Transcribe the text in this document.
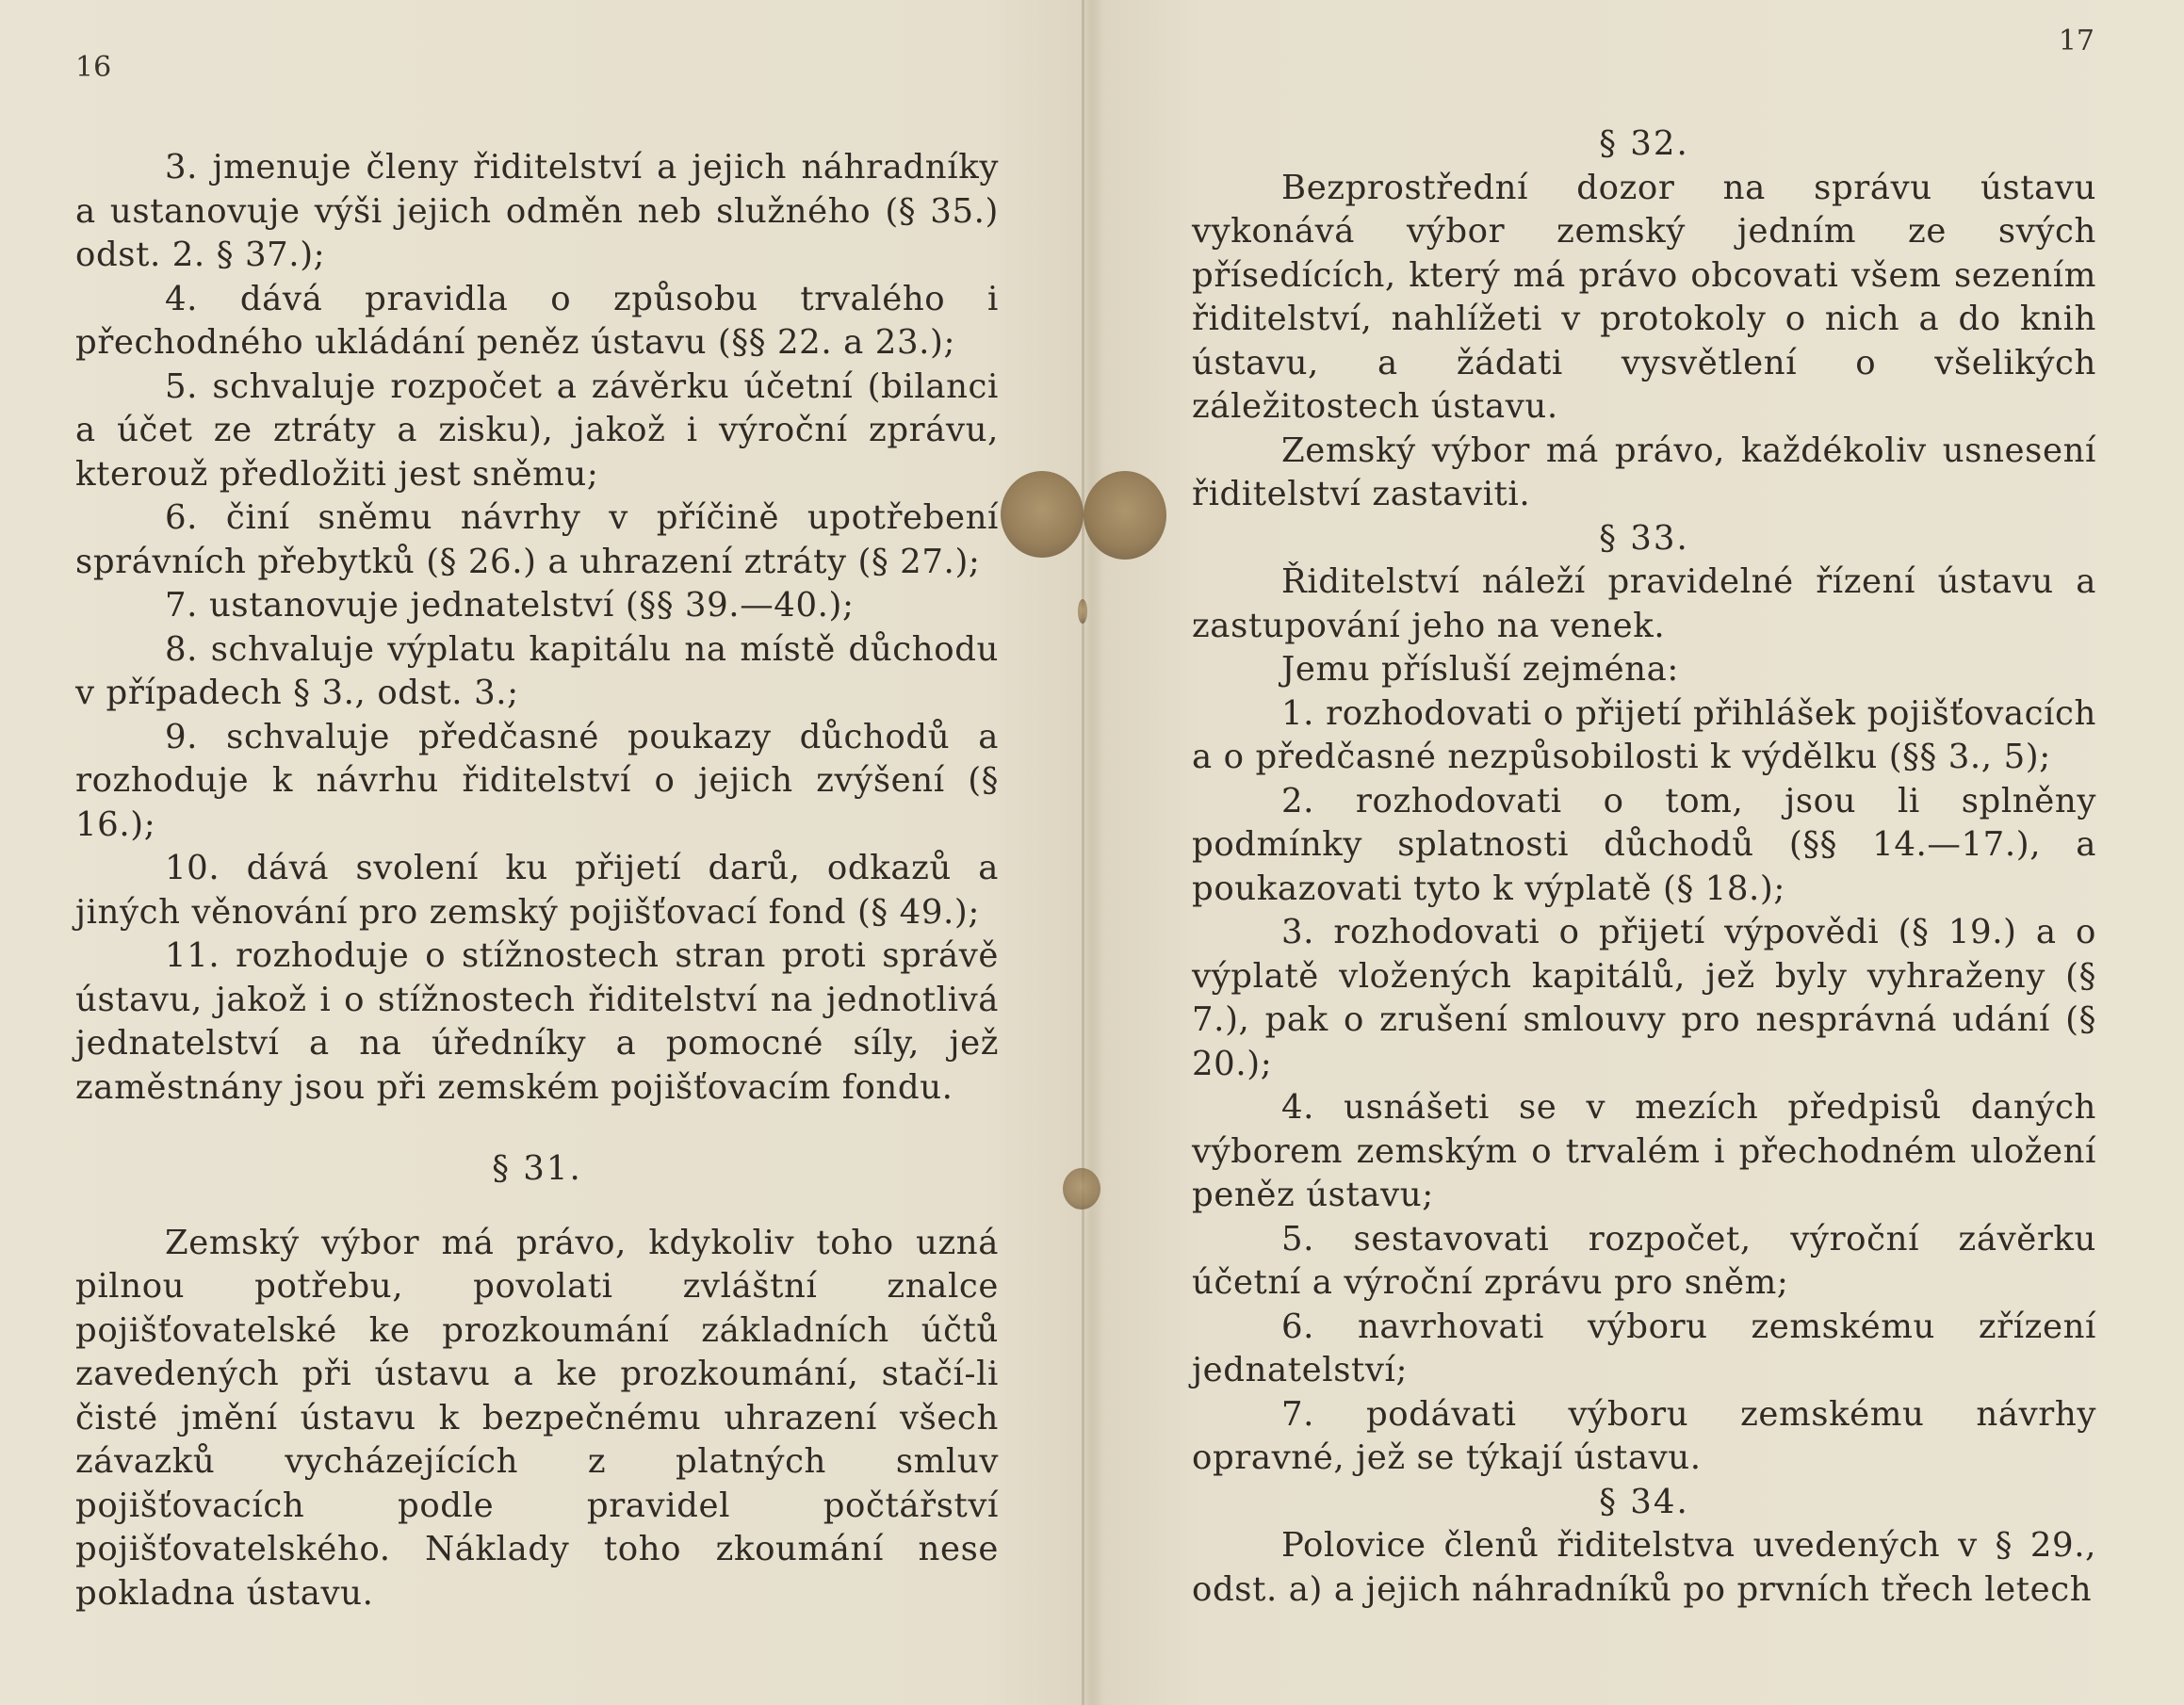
16

3. jmenuje členy řiditelství a jejich náhradníky a ustanovuje výši jejich odměn neb služného (§ 35.) odst. 2. § 37.);

4. dává pravidla o způsobu trvalého i přechodného ukládání peněz ústavu (§§ 22. a 23.);

5. schvaluje rozpočet a závěrku účetní (bilanci a účet ze ztráty a zisku), jakož i výroční zprávu, kterouž předložiti jest sněmu;

6. činí sněmu návrhy v příčině upotřebení správních přebytků (§ 26.) a uhrazení ztráty (§ 27.);

7. ustanovuje jednatelství (§§ 39.—40.);

8. schvaluje výplatu kapitálu na místě důchodu v případech § 3., odst. 3.;

9. schvaluje předčasné poukazy důchodů a rozhoduje k návrhu řiditelství o jejich zvýšení (§ 16.);

10. dává svolení ku přijetí darů, odkazů a jiných věnování pro zemský pojišťovací fond (§ 49.);

11. rozhoduje o stížnostech stran proti správě ústavu, jakož i o stížnostech řiditelství na jednotlivá jednatelství a na úředníky a pomocné síly, jež zaměstnány jsou při zemském pojišťovacím fondu.

§ 31.

Zemský výbor má právo, kdykoliv toho uzná pilnou potřebu, povolati zvláštní znalce pojišťovatelské ke prozkoumání základních účtů zavedených při ústavu a ke prozkoumání, stačí-li čisté jmění ústavu k bezpečnému uhrazení všech závazků vycházejících z platných smluv pojišťovacích podle pravidel počtářství pojišťovatelského. Náklady toho zkoumání nese pokladna ústavu.

17

§ 32.

Bezprostřední dozor na správu ústavu vykonává výbor zemský jedním ze svých přísedících, který má právo obcovati všem sezením řiditelství, nahlížeti v protokoly o nich a do knih ústavu, a žádati vysvětlení o všelikých záležitostech ústavu.

Zemský výbor má právo, každékoliv usnesení řiditelství zastaviti.

§ 33.

Řiditelství náleží pravidelné řízení ústavu a zastupování jeho na venek.

Jemu přísluší zejména:

1. rozhodovati o přijetí přihlášek pojišťovacích a o předčasné nezpůsobilosti k výdělku (§§ 3., 5);

2. rozhodovati o tom, jsou li splněny podmínky splatnosti důchodů (§§ 14.—17.), a poukazovati tyto k výplatě (§ 18.);

3. rozhodovati o přijetí výpovědi (§ 19.) a o výplatě vložených kapitálů, jež byly vyhraženy (§ 7.), pak o zrušení smlouvy pro nesprávná udání (§ 20.);

4. usnášeti se v mezích předpisů daných výborem zemským o trvalém i přechodném uložení peněz ústavu;

5. sestavovati rozpočet, výroční závěrku účetní a výroční zprávu pro sněm;

6. navrhovati výboru zemskému zřízení jednatelství;

7. podávati výboru zemskému návrhy opravné, jež se týkají ústavu.

§ 34.

Polovice členů řiditelstva uvedených v § 29., odst. a) a jejich náhradníků po prvních třech letech
